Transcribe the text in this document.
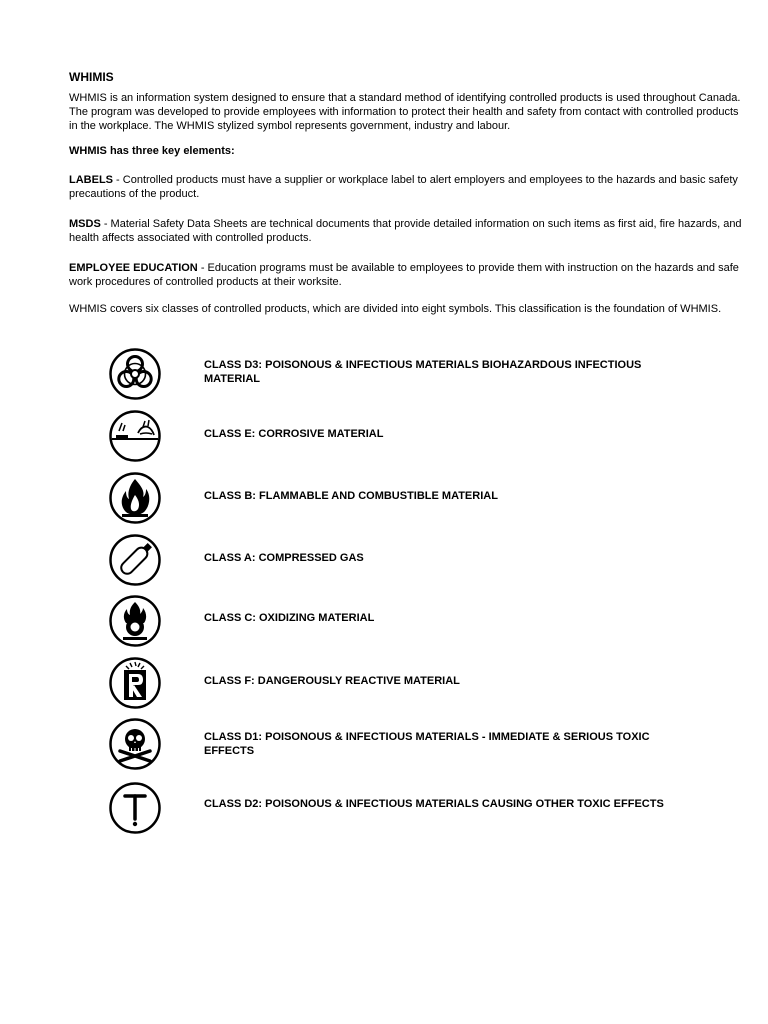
WHIMIS

WHMIS is an information system designed to ensure that a standard method of identifying controlled products is used throughout Canada. The program was developed to provide employees with information to protect their health and safety from contact with controlled products in the workplace. The WHMIS stylized symbol represents government, industry and labour.

WHMIS has three key elements:

LABELS - Controlled products must have a supplier or workplace label to alert employers and employees to the hazards and basic safety precautions of the product.

MSDS - Material Safety Data Sheets are technical documents that provide detailed information on such items as first aid, fire hazards, and health affects associated with controlled products.

EMPLOYEE EDUCATION - Education programs must be available to employees to provide them with instruction on the hazards and safe work procedures of controlled products at their worksite.

WHMIS covers six classes of controlled products, which are divided into eight symbols. This classification is the foundation of WHMIS.

CLASS D3: POISONOUS & INFECTIOUS MATERIALS BIOHAZARDOUS INFECTIOUS MATERIAL
CLASS E: CORROSIVE MATERIAL
CLASS B: FLAMMABLE AND COMBUSTIBLE MATERIAL
CLASS A: COMPRESSED GAS
CLASS C: OXIDIZING MATERIAL
CLASS F: DANGEROUSLY REACTIVE MATERIAL
CLASS D1: POISONOUS & INFECTIOUS MATERIALS - IMMEDIATE & SERIOUS TOXIC EFFECTS
CLASS D2: POISONOUS & INFECTIOUS MATERIALS CAUSING OTHER TOXIC EFFECTS
